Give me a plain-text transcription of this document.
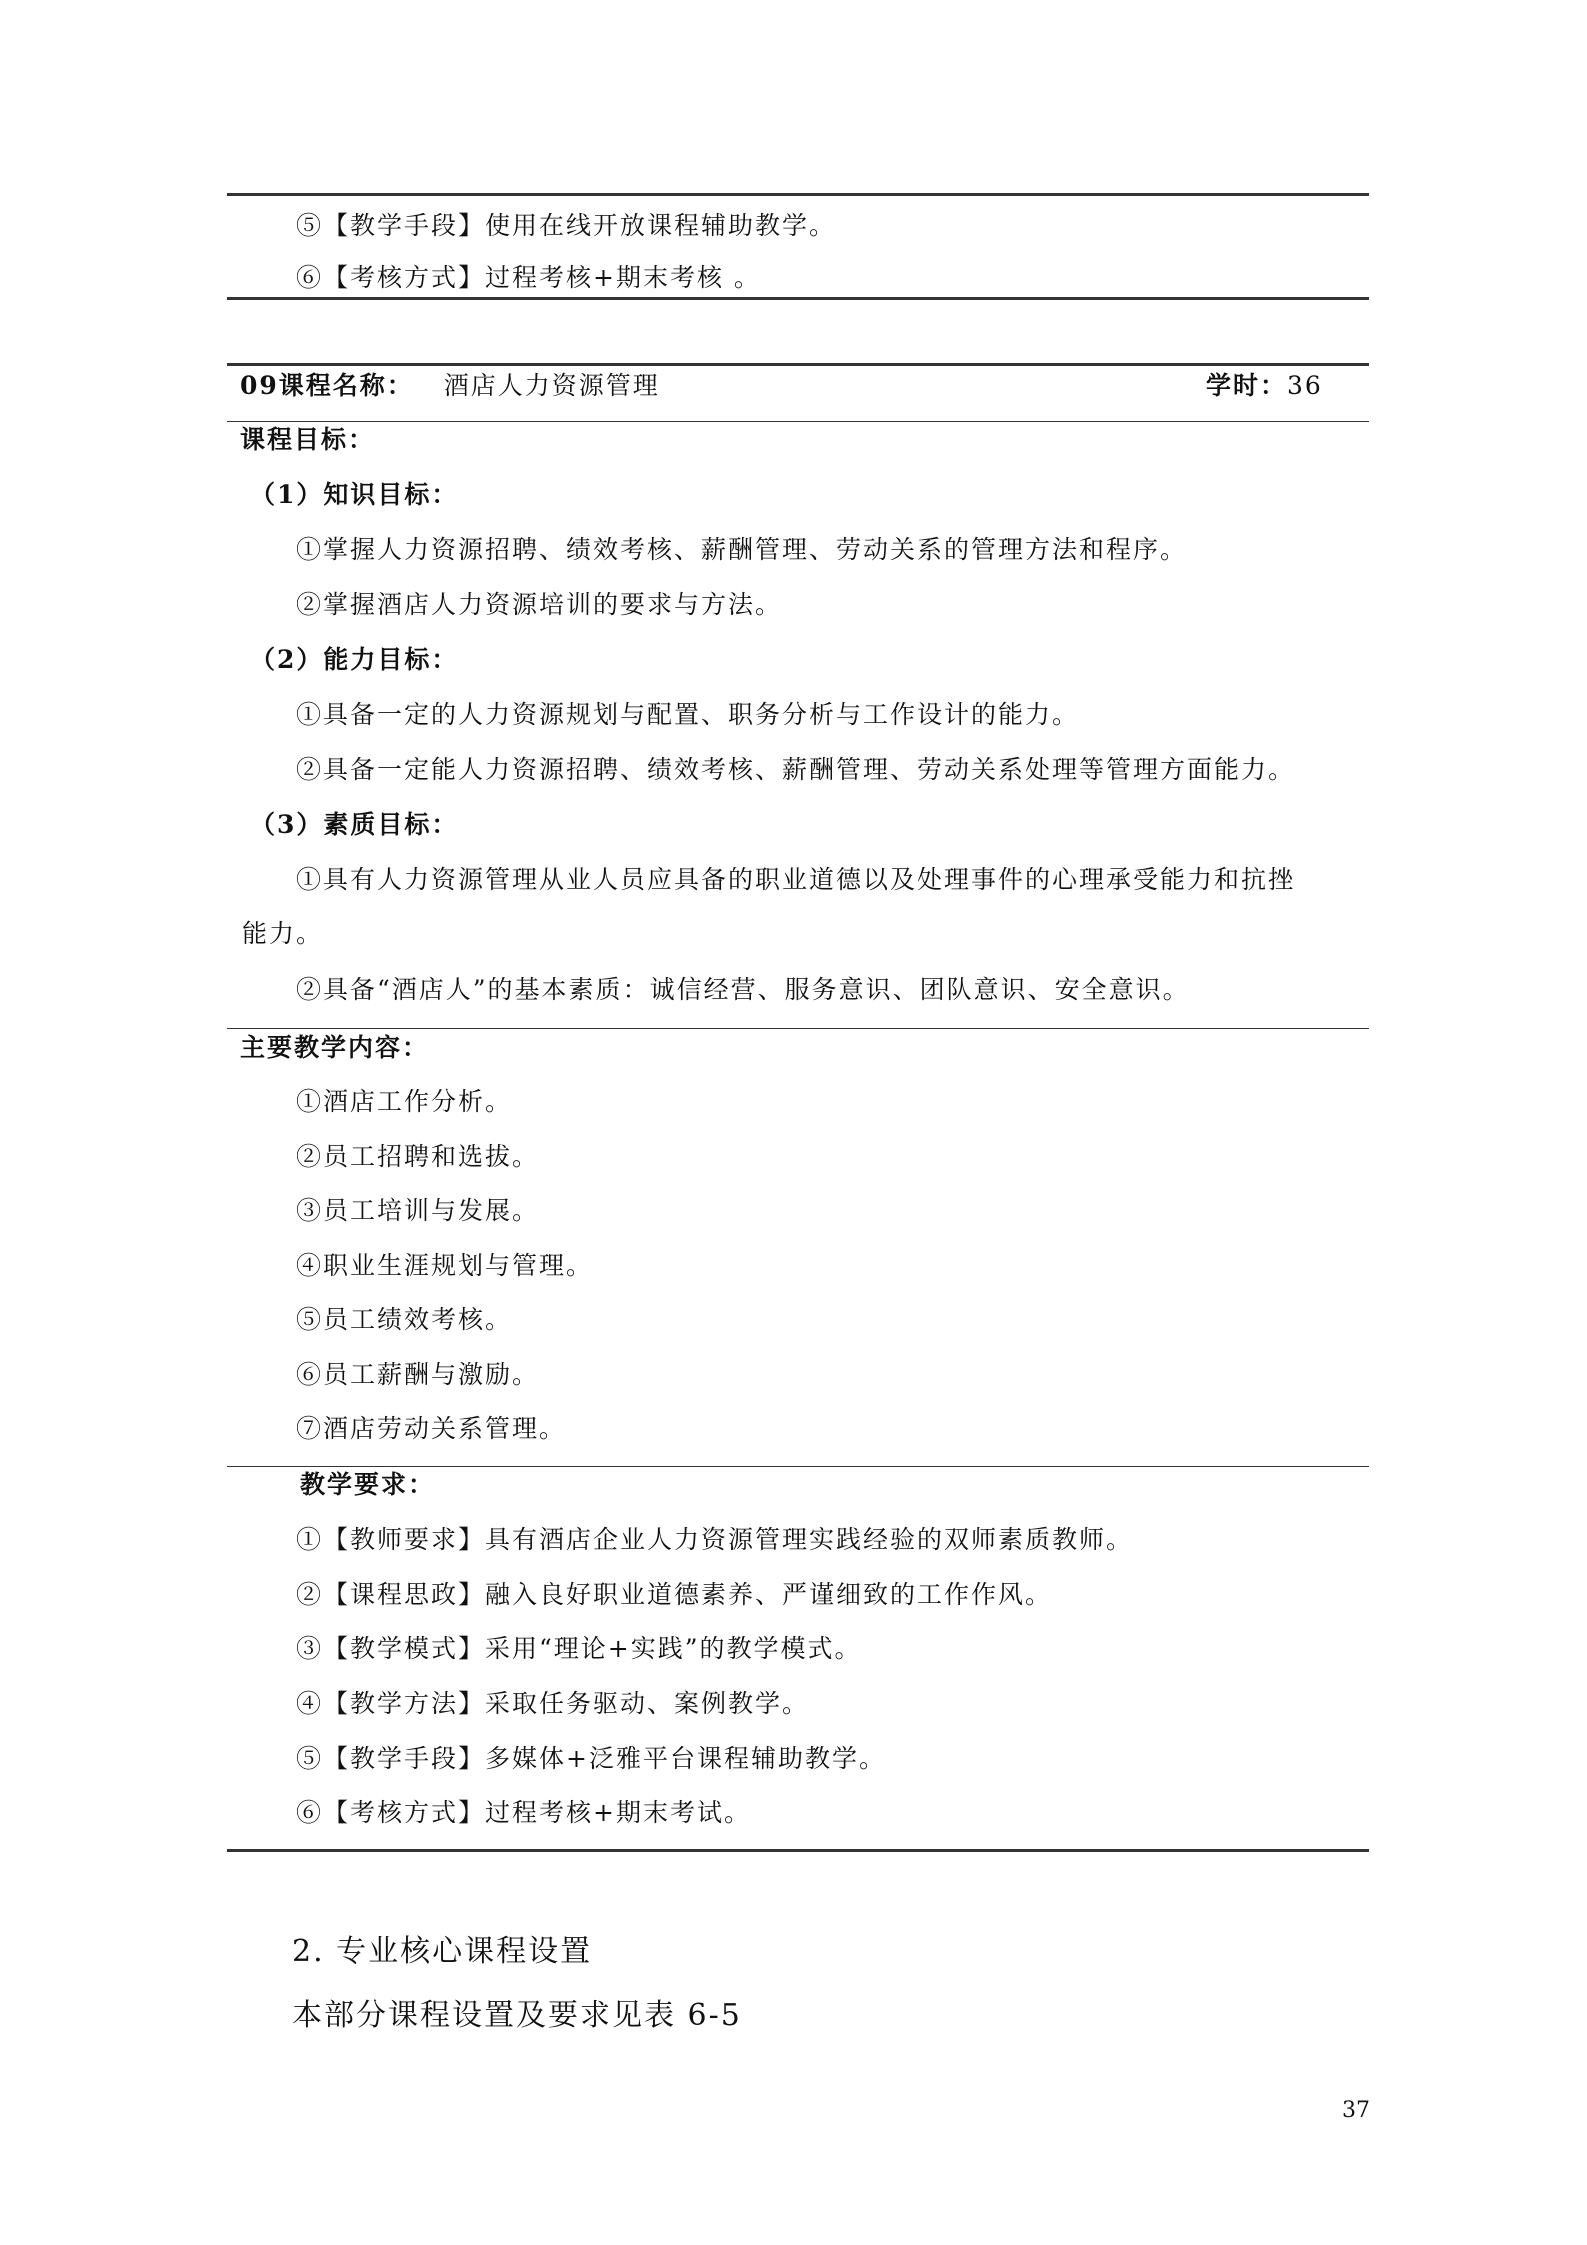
⑤【教学手段】使用在线开放课程辅助教学。
⑥【考核方式】过程考核+期末考核 。
09课程名称： 酒店人力资源管理	学时：36
课程目标：
（1）知识目标：
①掌握人力资源招聘、绩效考核、薪酬管理、劳动关系的管理方法和程序。
②掌握酒店人力资源培训的要求与方法。
（2）能力目标：
①具备一定的人力资源规划与配置、职务分析与工作设计的能力。
②具备一定能人力资源招聘、绩效考核、薪酬管理、劳动关系处理等管理方面能力。
（3）素质目标：
①具有人力资源管理从业人员应具备的职业道德以及处理事件的心理承受能力和抗挫
能力。
②具备“酒店人”的基本素质：诚信经营、服务意识、团队意识、安全意识。
主要教学内容：
①酒店工作分析。
②员工招聘和选拔。
③员工培训与发展。
④职业生涯规划与管理。
⑤员工绩效考核。
⑥员工薪酬与激励。
⑦酒店劳动关系管理。
教学要求：
①【教师要求】具有酒店企业人力资源管理实践经验的双师素质教师。
②【课程思政】融入良好职业道德素养、严谨细致的工作作风。
③【教学模式】采用“理论+实践”的教学模式。
④【教学方法】采取任务驱动、案例教学。
⑤【教学手段】多媒体+泛雅平台课程辅助教学。
⑥【考核方式】过程考核+期末考试。
2. 专业核心课程设置
本部分课程设置及要求见表 6-5
37
